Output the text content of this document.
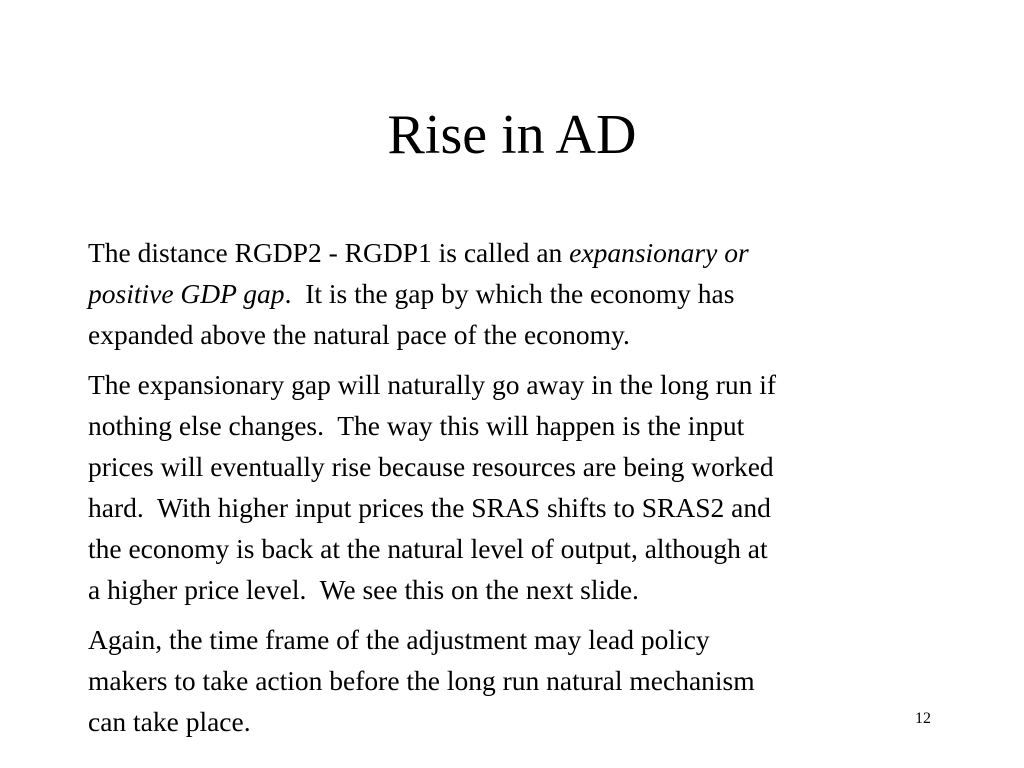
Rise in AD

The distance RGDP2 - RGDP1 is called an expansionary or
positive GDP gap.  It is the gap by which the economy has
expanded above the natural pace of the economy.

The expansionary gap will naturally go away in the long run if
nothing else changes.  The way this will happen is the input
prices will eventually rise because resources are being worked
hard.  With higher input prices the SRAS shifts to SRAS2 and
the economy is back at the natural level of output, although at
a higher price level.  We see this on the next slide.

Again, the time frame of the adjustment may lead policy
makers to take action before the long run natural mechanism
can take place.	12
